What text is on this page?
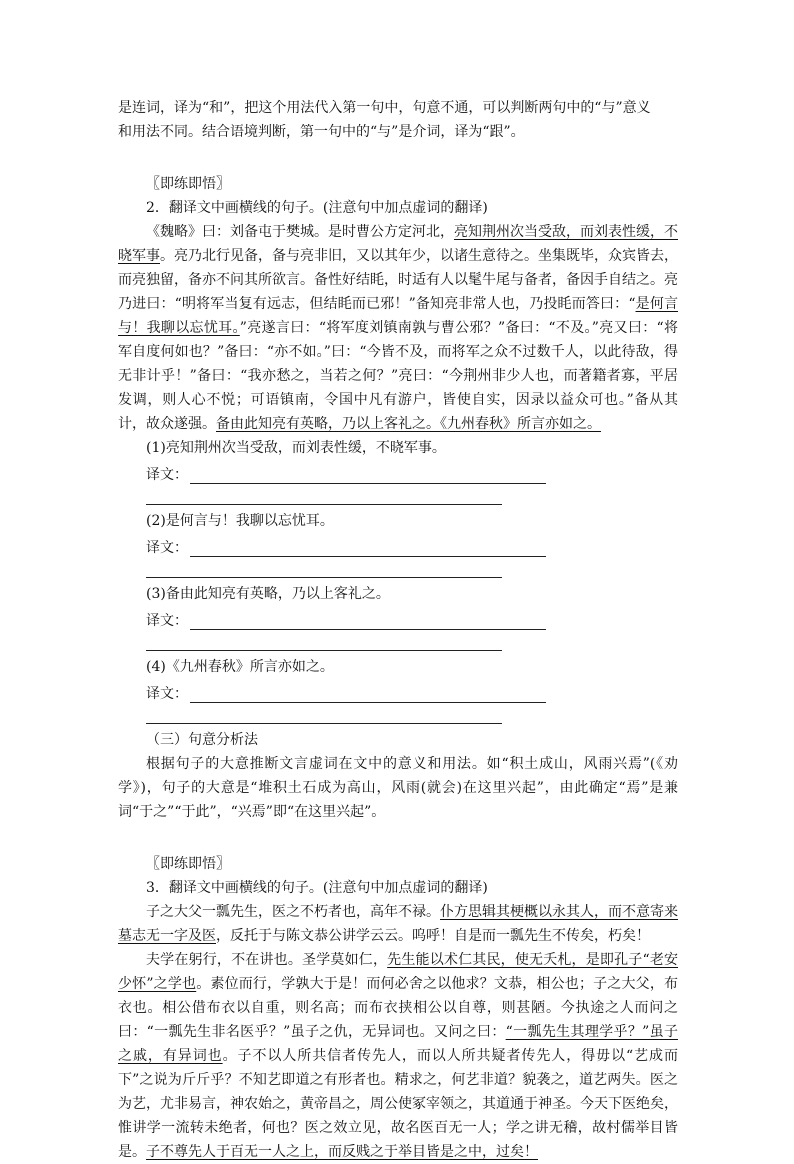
是连词，译为“和”，把这个用法代入第一句中，句意不通，可以判断两句中的“与”意义

和用法不同。结合语境判断，第一句中的“与”是介词，译为“跟”。

〖即练即悟〗
2．翻译文中画横线的句子。(注意句中加点虚词的翻译)

《魏略》曰：刘备屯于樊城。是时曹公方定河北，亮知荆州次当受敌，而刘表性缓，不晓军事。亮乃北行见备，备与亮非旧，又以其年少，以诸生意待之。坐集既毕，众宾皆去，而亮独留，备亦不问其所欲言。备性好结眊，时适有人以髦牛尾与备者，备因手自结之。亮乃进曰：“明将军当复有远志，但结眊而已邪！”备知亮非常人也，乃投眊而答曰：“是何言与！我聊以忘忧耳。”亮遂言曰：“将军度刘镇南孰与曹公邪？”备曰：“不及。”亮又曰：“将军自度何如也？”备曰：“亦不如。”曰：“今皆不及，而将军之众不过数千人，以此待敌，得无非计乎！”备曰：“我亦愁之，当若之何？”亮曰：“今荆州非少人也，而著籍者寡，平居发调，则人心不悦；可语镇南，令国中凡有游户，皆使自实，因录以益众可也。”备从其计，故众遂强。备由此知亮有英略，乃以上客礼之。《九州春秋》所言亦如之。

(1)亮知荆州次当受敌，而刘表性缓，不晓军事。
译文：
(2)是何言与！我聊以忘忧耳。
译文：
(3)备由此知亮有英略，乃以上客礼之。
译文：
(4)《九州春秋》所言亦如之。
译文：
（三）句意分析法

根据句子的大意推断文言虚词在文中的意义和用法。如“积土成山，风雨兴焉”(《劝学》)，句子的大意是“堆积土石成为高山，风雨(就会)在这里兴起”，由此确定“焉”是兼词“于之”“于此”，“兴焉”即“在这里兴起”。

〖即练即悟〗
3．翻译文中画横线的句子。(注意句中加点虚词的翻译)

子之大父一瓢先生，医之不朽者也，高年不禄。仆方思辑其梗概以永其人，而不意寄来墓志无一字及医，反托于与陈文恭公讲学云云。呜呼！自是而一瓢先生不传矣，朽矣！

夫学在躬行，不在讲也。圣学莫如仁，先生能以术仁其民，使无夭札，是即孔子“老安少怀”之学也。素位而行，学孰大于是！而何必舍之以他求？文恭，相公也；子之大父，布衣也。相公借布衣以自重，则名高；而布衣挟相公以自尊，则甚陋。今执途之人而问之曰：“一瓢先生非名医乎？”虽子之仇，无异词也。又问之曰：“一瓢先生其理学乎？”虽子之戚，有异词也。子不以人所共信者传先人，而以人所共疑者传先人，得毋以“艺成而下”之说为斤斤乎？不知艺即道之有形者也。精求之，何艺非道？貌袭之，道艺两失。医之为艺，尤非易言，神农始之，黄帝昌之，周公使冢宰领之，其道通于神圣。今天下医绝矣，惟讲学一流转未绝者，何也？医之效立见，故名医百无一人；学之讲无稽，故村儒举目皆是。子不尊先人于百无一人之上，而反贱之于举目皆是之中，过矣！
